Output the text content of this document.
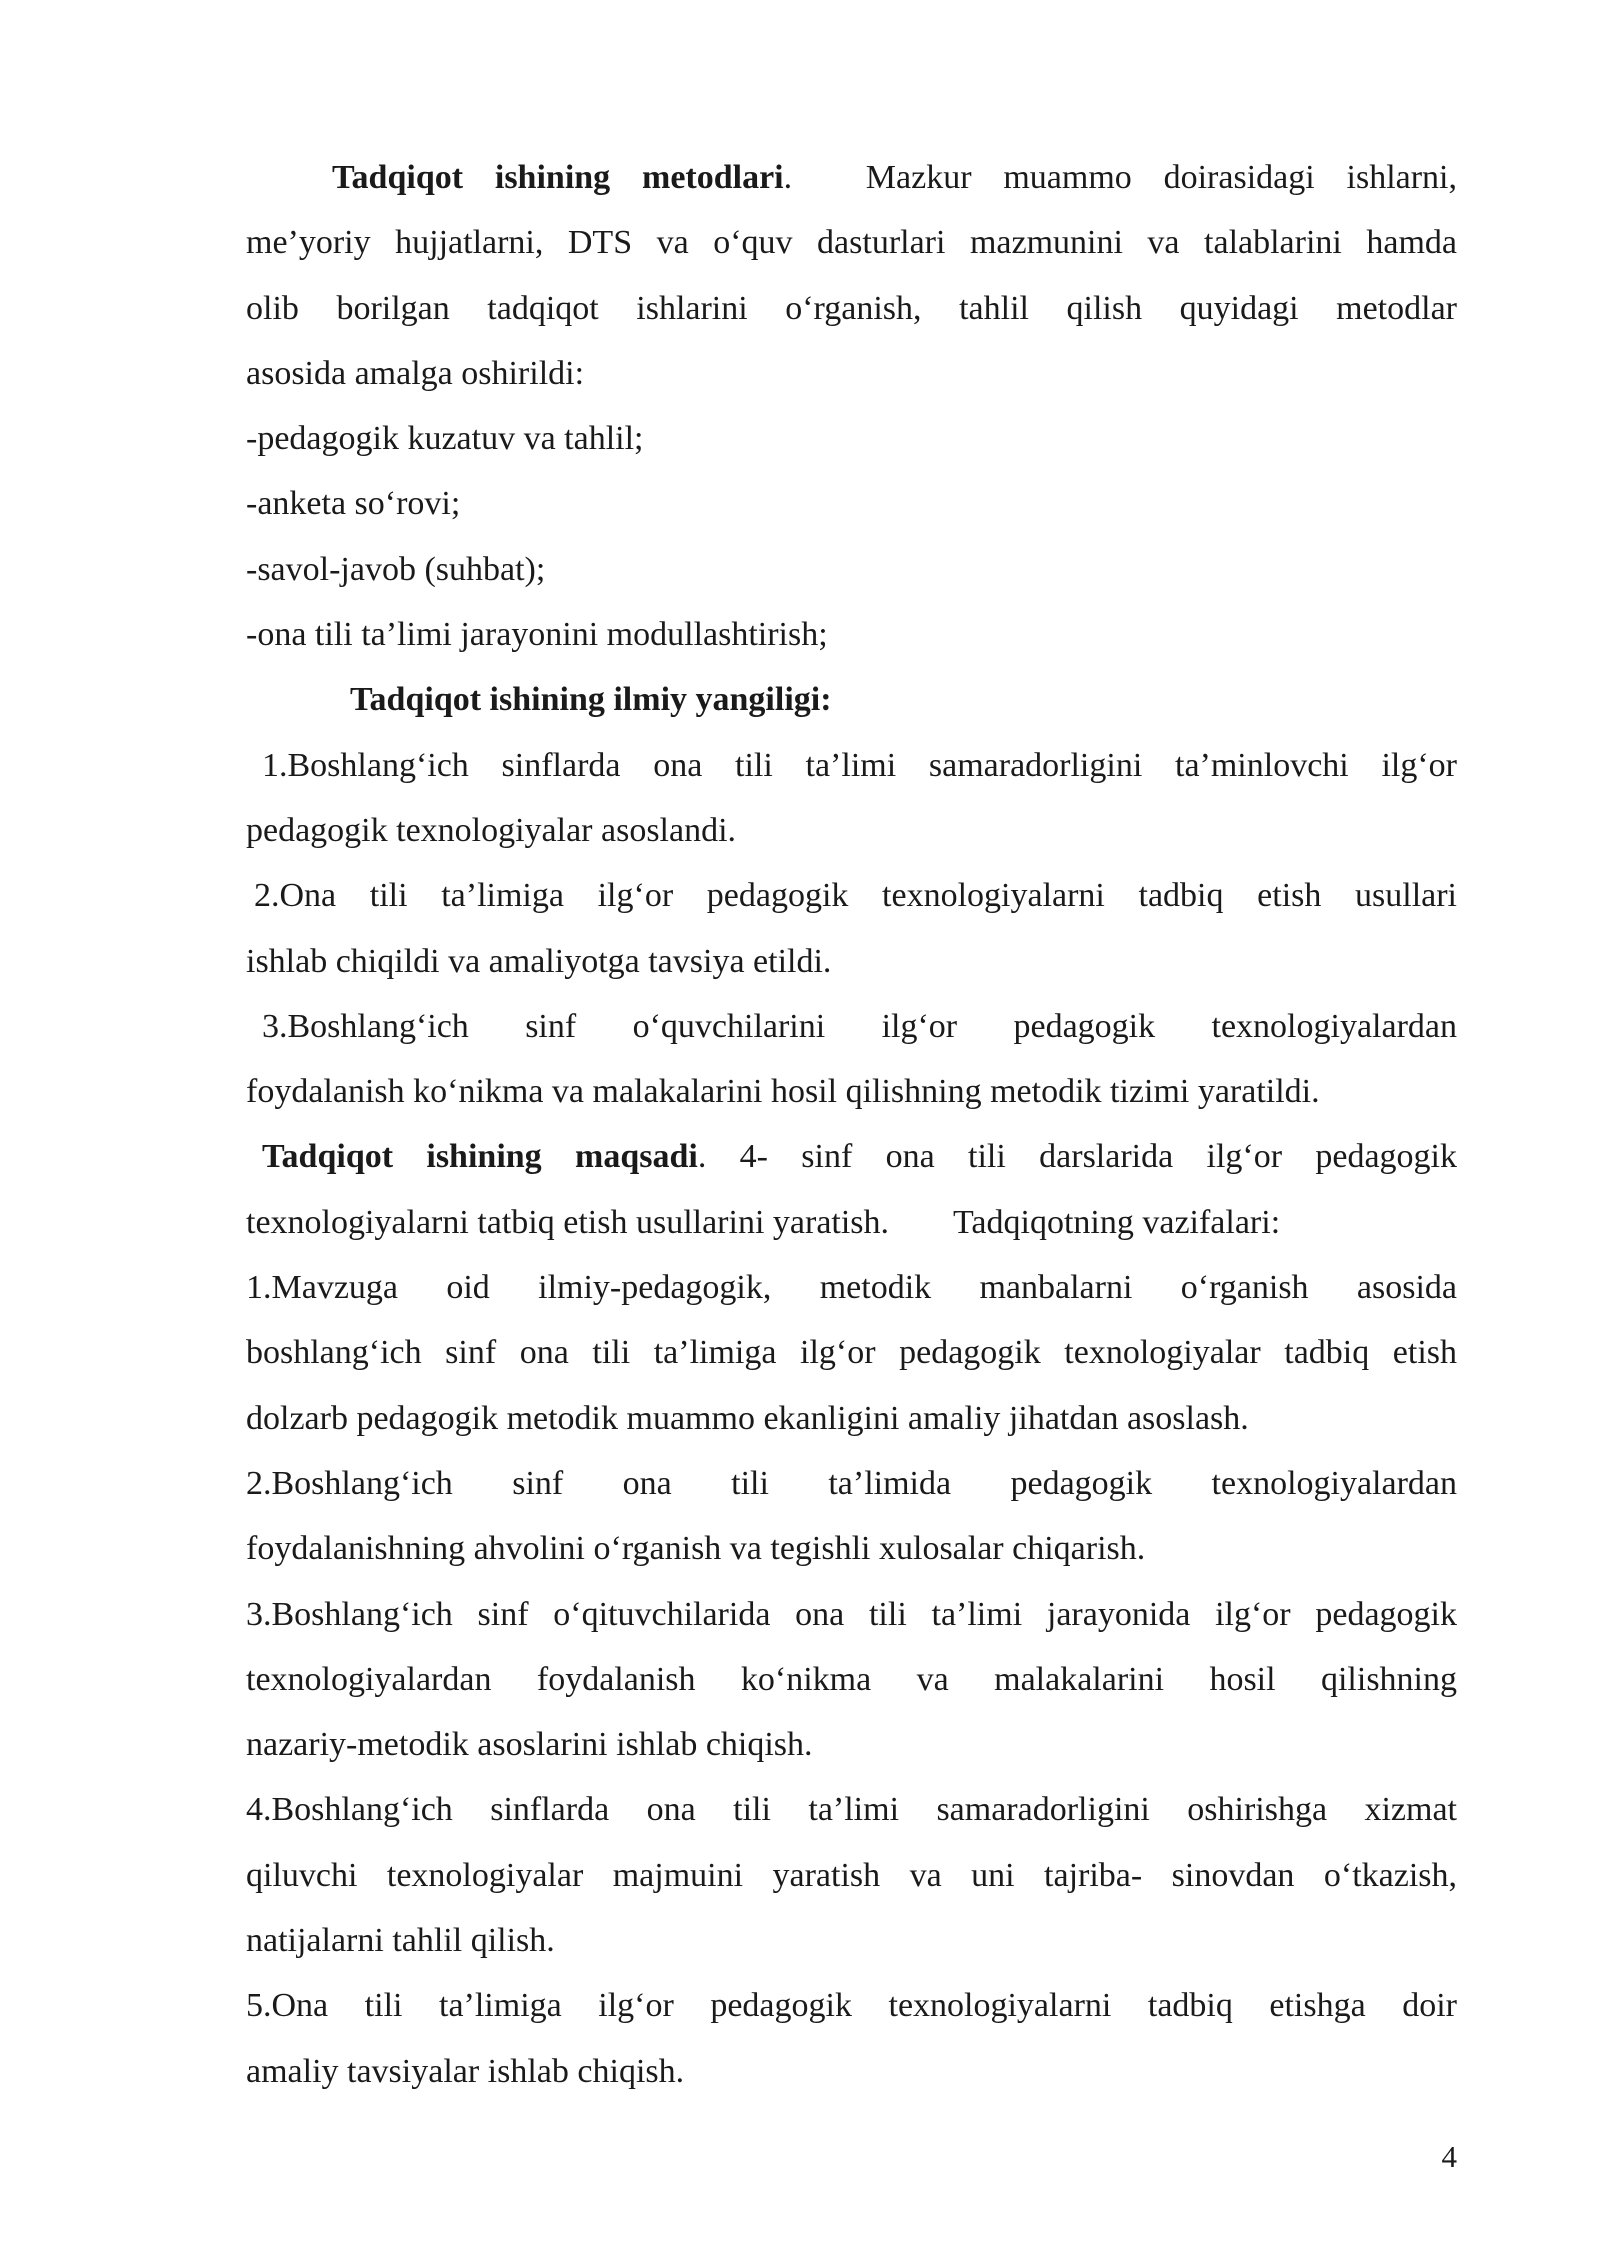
Tadqiqot ishining metodlari. Mazkur muammo doirasidagi ishlarni,
me’yoriy hujjatlarni, DTS va o‘quv dasturlari mazmunini va talablarini hamda
olib borilgan tadqiqot ishlarini o‘rganish, tahlil qilish quyidagi metodlar
asosida amalga oshirildi:
-pedagogik kuzatuv va tahlil;
-anketa so‘rovi;
-savol-javob (suhbat);
-ona tili ta’limi jarayonini modullashtirish;
Tadqiqot ishining ilmiy yangiligi:
1.Boshlang‘ich sinflarda ona tili ta’limi samaradorligini ta’minlovchi ilg‘or
pedagogik texnologiyalar asoslandi.
2.Ona tili ta’limiga ilg‘or pedagogik texnologiyalarni tadbiq etish usullari
ishlab chiqildi va amaliyotga tavsiya etildi.
3.Boshlang‘ich sinf o‘quvchilarini ilg‘or pedagogik texnologiyalardan
foydalanish ko‘nikma va malakalarini hosil qilishning metodik tizimi yaratildi.
Tadqiqot ishining maqsadi. 4- sinf ona tili darslarida ilg‘or pedagogik
texnologiyalarni tatbiq etish usullarini yaratish. Tadqiqotning vazifalari:
1.Mavzuga oid ilmiy-pedagogik, metodik manbalarni o‘rganish asosida
boshlang‘ich sinf ona tili ta’limiga ilg‘or pedagogik texnologiyalar tadbiq etish
dolzarb pedagogik metodik muammo ekanligini amaliy jihatdan asoslash.
2.Boshlang‘ich sinf ona tili ta’limida pedagogik texnologiyalardan
foydalanishning ahvolini o‘rganish va tegishli xulosalar chiqarish.
3.Boshlang‘ich sinf o‘qituvchilarida ona tili ta’limi jarayonida ilg‘or pedagogik
texnologiyalardan foydalanish ko‘nikma va malakalarini hosil qilishning
nazariy-metodik asoslarini ishlab chiqish.
4.Boshlang‘ich sinflarda ona tili ta’limi samaradorligini oshirishga xizmat
qiluvchi texnologiyalar majmuini yaratish va uni tajriba- sinovdan o‘tkazish,
natijalarni tahlil qilish.
5.Ona tili ta’limiga ilg‘or pedagogik texnologiyalarni tadbiq etishga doir
amaliy tavsiyalar ishlab chiqish.
4
